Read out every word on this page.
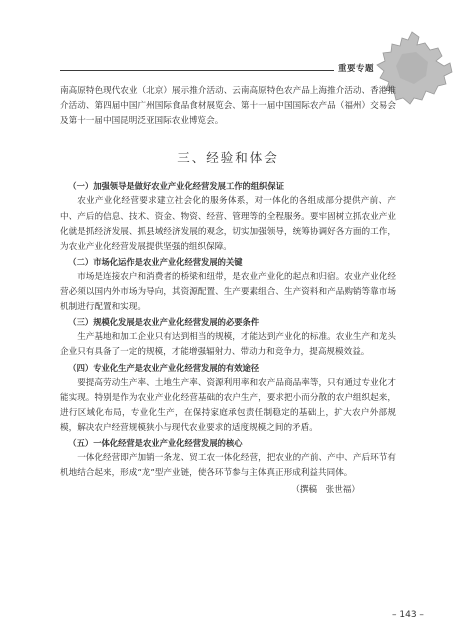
重要专题

南高原特色现代农业（北京）展示推介活动、云南高原特色农产品上海推介活动、香港推介活动、第四届中国广州国际食品食材展览会、第十一届中国国际农产品（福州）交易会及第十一届中国昆明泛亚国际农业博览会。

三、经验和体会

（一）加强领导是做好农业产业化经营发展工作的组织保证

农业产业化经营要求建立社会化的服务体系，对一体化的各组成部分提供产前、产中、产后的信息、技术、资金、物资、经营、管理等的全程服务。要牢固树立抓农业产业化就是抓经济发展、抓县域经济发展的观念，切实加强领导，统筹协调好各方面的工作，为农业产业化经营发展提供坚强的组织保障。

（二）市场化运作是农业产业化经营发展的关键

市场是连接农户和消费者的桥梁和纽带，是农业产业化的起点和归宿。农业产业化经营必须以国内外市场为导向，其资源配置、生产要素组合、生产资料和产品购销等靠市场机制进行配置和实现。

（三）规模化发展是农业产业化经营发展的必要条件

生产基地和加工企业只有达到相当的规模，才能达到产业化的标准。农业生产和龙头企业只有具备了一定的规模，才能增强辐射力、带动力和竞争力，提高规模效益。

（四）专业化生产是农业产业化经营发展的有效途径

要提高劳动生产率、土地生产率、资源利用率和农产品商品率等，只有通过专业化才能实现。特别是作为农业产业化经营基础的农户生产，要求把小而分散的农户组织起来，进行区域化布局，专业化生产，在保持家庭承包责任制稳定的基础上，扩大农户外部规模，解决农户经营规模狭小与现代农业要求的适度规模之间的矛盾。

（五）一体化经营是农业产业化经营发展的核心

一体化经营即产加销一条龙、贸工农一体化经营，把农业的产前、产中、产后环节有机地结合起来，形成“龙”型产业链，使各环节参与主体真正形成利益共同体。

（撰稿　张世福）

– 143 –
